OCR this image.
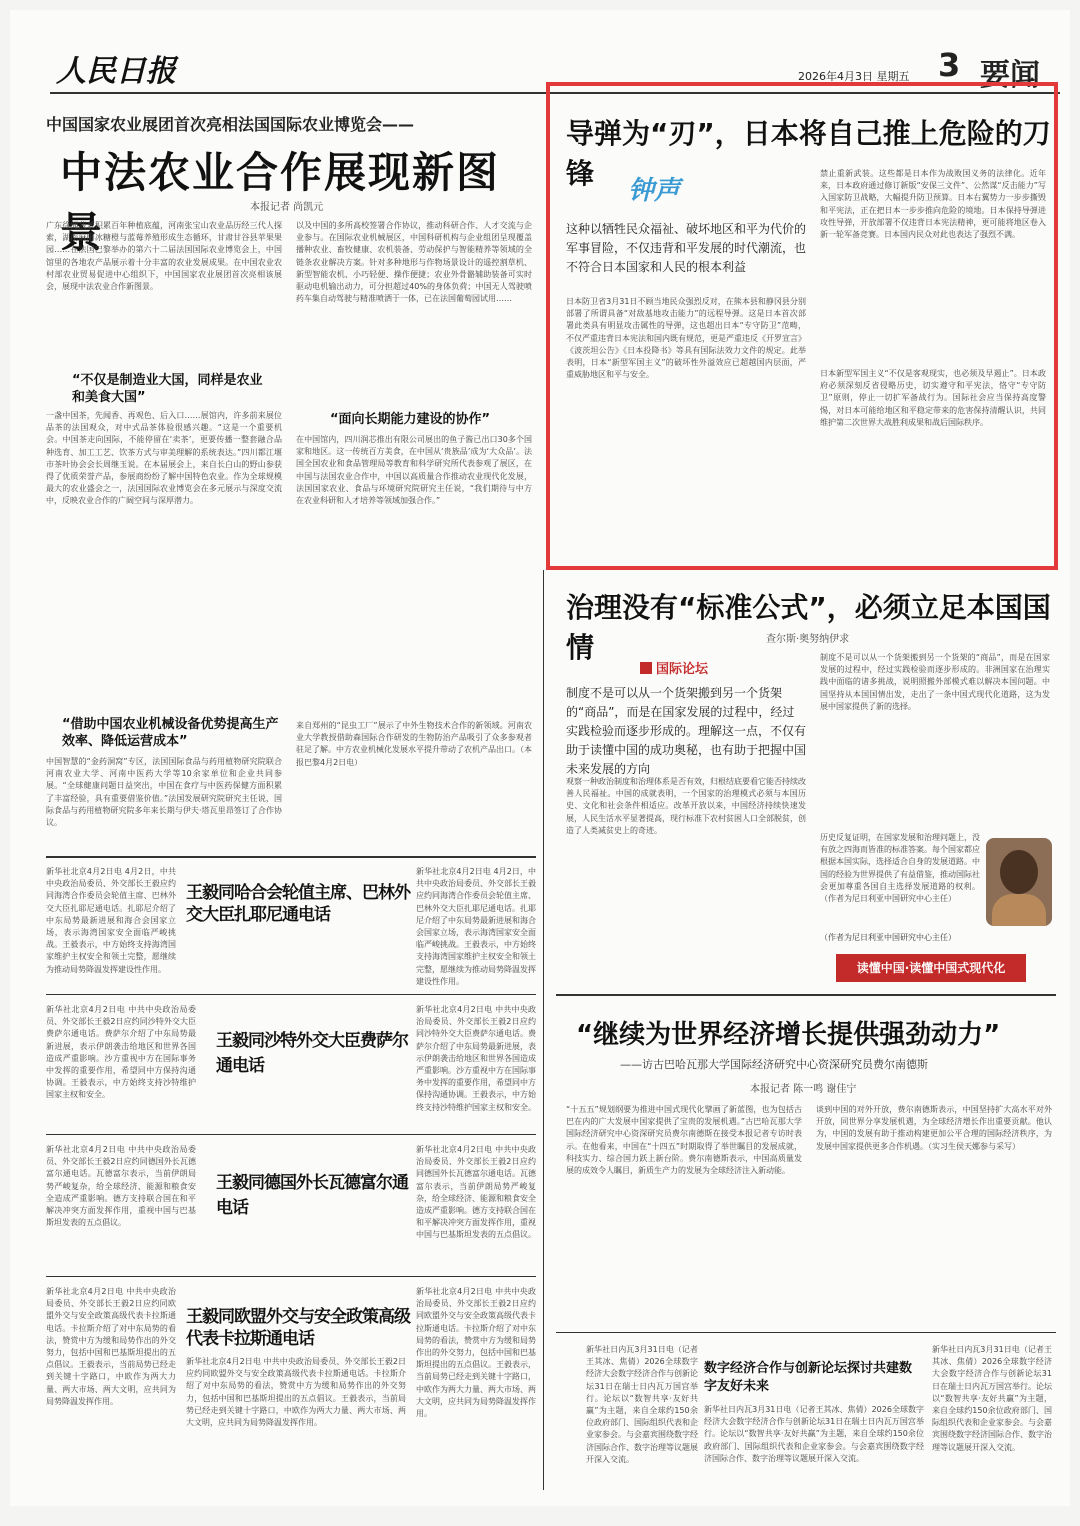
人民日报	2026年4月3日 星期五 3 要闻
中国国家农业展团首次亮相法国国际农业博览会——
中法农业合作展现新图景
本报记者 尚凯元
广东徐闻菠萝积累百年种植底蕴，河南张宝山农业品历经三代人探索，湖南麻阳冰糖橙与蓝莓养殖形成生态循环，甘肃甘谷县苹果果园……在法国巴黎举办的第六十二届法国国际农业博览会上，中国馆里的各地农产品展示着十分丰富的农业发展成果。在中国农业农村部农业贸易促进中心组织下，中国国家农业展团首次亮相该展会，展现中法农业合作新图景。
“不仅是制造业大国，同样是农业和美食大国”
一盏中国茶，先闻香、再观色、后入口……展馆内，许多前来展位品茶的法国观众，对中式品茶体验很感兴趣。“这是一个重要机会。中国茶走向国际，不能停留在‘卖茶’，更要传播一整套融合品种选育、加工工艺、饮茶方式与审美理解的系统表达。”四川都江堰市茶叶协会会长周继玉说。在本届展会上，来自长白山的野山参获得了优质荣誉产品，参展商纷纷了解中国特色农业。作为全球规模最大的农业盛会之一，法国国际农业博览会在多元展示与深度交流中，反映农业合作的广阔空间与深厚潜力。
“借助中国农业机械设备优势提高生产效率、降低运营成本”
中国智慧的“金药洞窝”专区，法国国际食品与药用植物研究院联合河南农业大学、河南中医药大学等10余家单位和企业共同参展。“全球健康问题日益突出，中国在食疗与中医药保健方面积累了丰富经验，具有重要借鉴价值。”法国发展研究院研究主任说，国际食品与药用植物研究院多年来长期与伊夫·塔瓦里昂签订了合作协议。
以及中国的多所高校签署合作协议，推动科研合作、人才交流与企业参与。在国际农业机械展区，中国科研机构与企业组团呈现覆盖播种农业、畜牧健康、农机装备、劳动保护与智能精养等领域的全链条农业解决方案。针对多种地形与作物场景设计的遥控割草机、新型智能农机、小巧轻便、操作便捷；农业外骨骼辅助装备可实时驱动电机输出动力，可分担超过40%的身体负荷；中国无人驾驶喷药车集自动驾驶与精准喷洒于一体，已在法国葡萄园试用……
“面向长期能力建设的协作”
在中国馆内，四川润芯推出有限公司展出的鱼子酱已出口30多个国家和地区。这一传统百方美食，在中国从‘贵族品’成为‘大众品’。法国全国农业和食品管理局等教育和科学研究所代表参观了展区，在中国与法国农业合作中，中国以高质量合作推动农业现代化发展，法国国家农业、食品与环境研究院研究主任说，“我们期待与中方在农业科研和人才培养等领域加强合作。”
来自郑州的“昆虫工厂”展示了中外生物技术合作的新领域。河南农业大学教授借助森国际合作研发的生物防治产品吸引了众多参观者驻足了解。中方农业机械化发展水平提升带动了农机产品出口。（本报巴黎4月2日电）
新华社北京4月2日电 4月2日，中共中央政治局委员、外交部长王毅应约同海湾合作委员会轮值主席、巴林外交大臣扎耶尼通电话。扎耶尼介绍了中东局势最新进展和海合会国家立场，表示海湾国家安全面临严峻挑战。王毅表示，中方始终支持海湾国家维护主权安全和领土完整，愿继续为推动局势降温发挥建设性作用。
王毅同哈合会轮值主席、巴林外交大臣扎耶尼通电话
新华社北京4月2日电 4月2日，中共中央政治局委员、外交部长王毅应约同海湾合作委员会轮值主席、巴林外交大臣扎耶尼通电话。扎耶尼介绍了中东局势最新进展和海合会国家立场，表示海湾国家安全面临严峻挑战。王毅表示，中方始终支持海湾国家维护主权安全和领土完整，愿继续为推动局势降温发挥建设性作用。
新华社北京4月2日电 中共中央政治局委员、外交部长王毅2日应约同沙特外交大臣费萨尔通电话。费萨尔介绍了中东局势最新进展，表示伊朗袭击给地区和世界各国造成严重影响。沙方重视中方在国际事务中发挥的重要作用，希望同中方保持沟通协调。王毅表示，中方始终支持沙特维护国家主权和安全。
王毅同沙特外交大臣费萨尔通电话
新华社北京4月2日电 中共中央政治局委员、外交部长王毅2日应约同沙特外交大臣费萨尔通电话。费萨尔介绍了中东局势最新进展，表示伊朗袭击给地区和世界各国造成严重影响。沙方重视中方在国际事务中发挥的重要作用，希望同中方保持沟通协调。王毅表示，中方始终支持沙特维护国家主权和安全。
新华社北京4月2日电 中共中央政治局委员、外交部长王毅2日应约同德国外长瓦德富尔通电话。瓦德富尔表示，当前伊朗局势严峻复杂，给全球经济、能源和粮食安全造成严重影响。德方支持联合国在和平解决冲突方面发挥作用，重视中国与巴基斯坦发表的五点倡议。
王毅同德国外长瓦德富尔通电话
新华社北京4月2日电 中共中央政治局委员、外交部长王毅2日应约同德国外长瓦德富尔通电话。瓦德富尔表示，当前伊朗局势严峻复杂，给全球经济、能源和粮食安全造成严重影响。德方支持联合国在和平解决冲突方面发挥作用，重视中国与巴基斯坦发表的五点倡议。
新华社北京4月2日电 中共中央政治局委员、外交部长王毅2日应约同欧盟外交与安全政策高级代表卡拉斯通电话。卡拉斯介绍了对中东局势的看法，赞赏中方为缓和局势作出的外交努力，包括中国和巴基斯坦提出的五点倡议。王毅表示，当前局势已经走到关键十字路口，中欧作为两大力量、两大市场、两大文明，应共同为局势降温发挥作用。
王毅同欧盟外交与安全政策高级代表卡拉斯通电话
新华社北京4月2日电 中共中央政治局委员、外交部长王毅2日应约同欧盟外交与安全政策高级代表卡拉斯通电话。卡拉斯介绍了对中东局势的看法，赞赏中方为缓和局势作出的外交努力，包括中国和巴基斯坦提出的五点倡议。王毅表示，当前局势已经走到关键十字路口，中欧作为两大力量、两大市场、两大文明，应共同为局势降温发挥作用。
新华社北京4月2日电 中共中央政治局委员、外交部长王毅2日应约同欧盟外交与安全政策高级代表卡拉斯通电话。卡拉斯介绍了对中东局势的看法，赞赏中方为缓和局势作出的外交努力，包括中国和巴基斯坦提出的五点倡议。王毅表示，当前局势已经走到关键十字路口，中欧作为两大力量、两大市场、两大文明，应共同为局势降温发挥作用。
导弹为“刃”，日本将自己推上危险的刀锋
钟声
这种以牺牲民众福祉、破坏地区和平为代价的军事冒险，不仅违背和平发展的时代潮流，也不符合日本国家和人民的根本利益
日本防卫省3月31日不顾当地民众强烈反对，在熊本县和静冈县分别部署了所谓具备“对敌基地攻击能力”的远程导弹。这是日本首次部署此类具有明显攻击属性的导弹，这也超出日本“专守防卫”范畴，不仅严重违背日本宪法和国内既有规范，更是严重违反《开罗宣言》《波茨坦公告》《日本投降书》等具有国际法效力文件的规定。此举表明，日本“新型军国主义”的破坏性外溢效应已超越国内层面，严重威胁地区和平与安全。
禁止重新武装。这些都是日本作为战败国义务的法律化。近年来，日本政府通过修订新版“安保三文件”、公然谋“反击能力”写入国家防卫战略，大幅提升防卫预算。日本右翼势力一步步撕毁和平宪法，正在把日本一步步推向危险的境地。日本保持导弹进攻性导弹，开放部署不仅违背日本宪法精神，更可能将地区卷入新一轮军备竞赛。日本国内民众对此也表达了强烈不满。
日本新型军国主义“不仅是客观现实，也必须及早遏止”。日本政府必须深刻反省侵略历史，切实遵守和平宪法，恪守“专守防卫”原则，停止一切扩军备战行为。国际社会应当保持高度警惕，对日本可能给地区和平稳定带来的危害保持清醒认识，共同维护第二次世界大战胜利成果和战后国际秩序。
治理没有“标准公式”，必须立足本国国情	查尔斯·奥努纳伊求
国际论坛
制度不是可以从一个货架搬到另一个货架的“商品”，而是在国家发展的过程中，经过实践检验而逐步形成的。理解这一点，不仅有助于读懂中国的成功奥秘，也有助于把握中国未来发展的方向
观察一种政治制度和治理体系是否有效，归根结底要看它能否持续改善人民福祉。中国的成就表明，一个国家的治理模式必须与本国历史、文化和社会条件相适应。改革开放以来，中国经济持续快速发展，人民生活水平显著提高，现行标准下农村贫困人口全部脱贫，创造了人类减贫史上的奇迹。
制度不是可以从一个货架搬到另一个货架的“商品”，而是在国家发展的过程中，经过实践检验而逐步形成的。非洲国家在治理实践中面临的诸多挑战，说明照搬外部模式难以解决本国问题。中国坚持从本国国情出发，走出了一条中国式现代化道路，这为发展中国家提供了新的选择。
历史反复证明，在国家发展和治理问题上，没有放之四海而皆准的标准答案。每个国家都应根据本国实际，选择适合自身的发展道路。中国的经验为世界提供了有益借鉴，推动国际社会更加尊重各国自主选择发展道路的权利。（作者为尼日利亚中国研究中心主任）
（作者为尼日利亚中国研究中心主任）
读懂中国·读懂中国式现代化
“继续为世界经济增长提供强劲动力”
——访古巴哈瓦那大学国际经济研究中心资深研究员费尔南德斯
本报记者 陈一鸣 谢佳宁
“十五五”规划纲要为推进中国式现代化擘画了新蓝图，也为包括古巴在内的广大发展中国家提供了宝贵的发展机遇。”古巴哈瓦那大学国际经济研究中心资深研究员费尔南德斯在接受本报记者专访时表示。在他看来，中国在“十四五”时期取得了举世瞩目的发展成就，科技实力、综合国力跃上新台阶。费尔南德斯表示，中国高质量发展的成效令人瞩目，新质生产力的发展为全球经济注入新动能。
谈到中国的对外开放，费尔南德斯表示，中国坚持扩大高水平对外开放，同世界分享发展机遇，为全球经济增长作出重要贡献。他认为，中国的发展有助于推动构建更加公平合理的国际经济秩序，为发展中国家提供更多合作机遇。（实习生侯天娜参与采写）
新华社日内瓦3月31日电（记者王其冰、焦倩）2026全球数字经济大会数字经济合作与创新论坛31日在瑞士日内瓦万国宫举行。论坛以“数智共享·友好共赢”为主题，来自全球约150余位政府部门、国际组织代表和企业家参会。与会嘉宾围绕数字经济国际合作、数字治理等议题展开深入交流。
数字经济合作与创新论坛探讨共建数字友好未来
新华社日内瓦3月31日电（记者王其冰、焦倩）2026全球数字经济大会数字经济合作与创新论坛31日在瑞士日内瓦万国宫举行。论坛以“数智共享·友好共赢”为主题，来自全球约150余位政府部门、国际组织代表和企业家参会。与会嘉宾围绕数字经济国际合作、数字治理等议题展开深入交流。
新华社日内瓦3月31日电（记者王其冰、焦倩）2026全球数字经济大会数字经济合作与创新论坛31日在瑞士日内瓦万国宫举行。论坛以“数智共享·友好共赢”为主题，来自全球约150余位政府部门、国际组织代表和企业家参会。与会嘉宾围绕数字经济国际合作、数字治理等议题展开深入交流。
